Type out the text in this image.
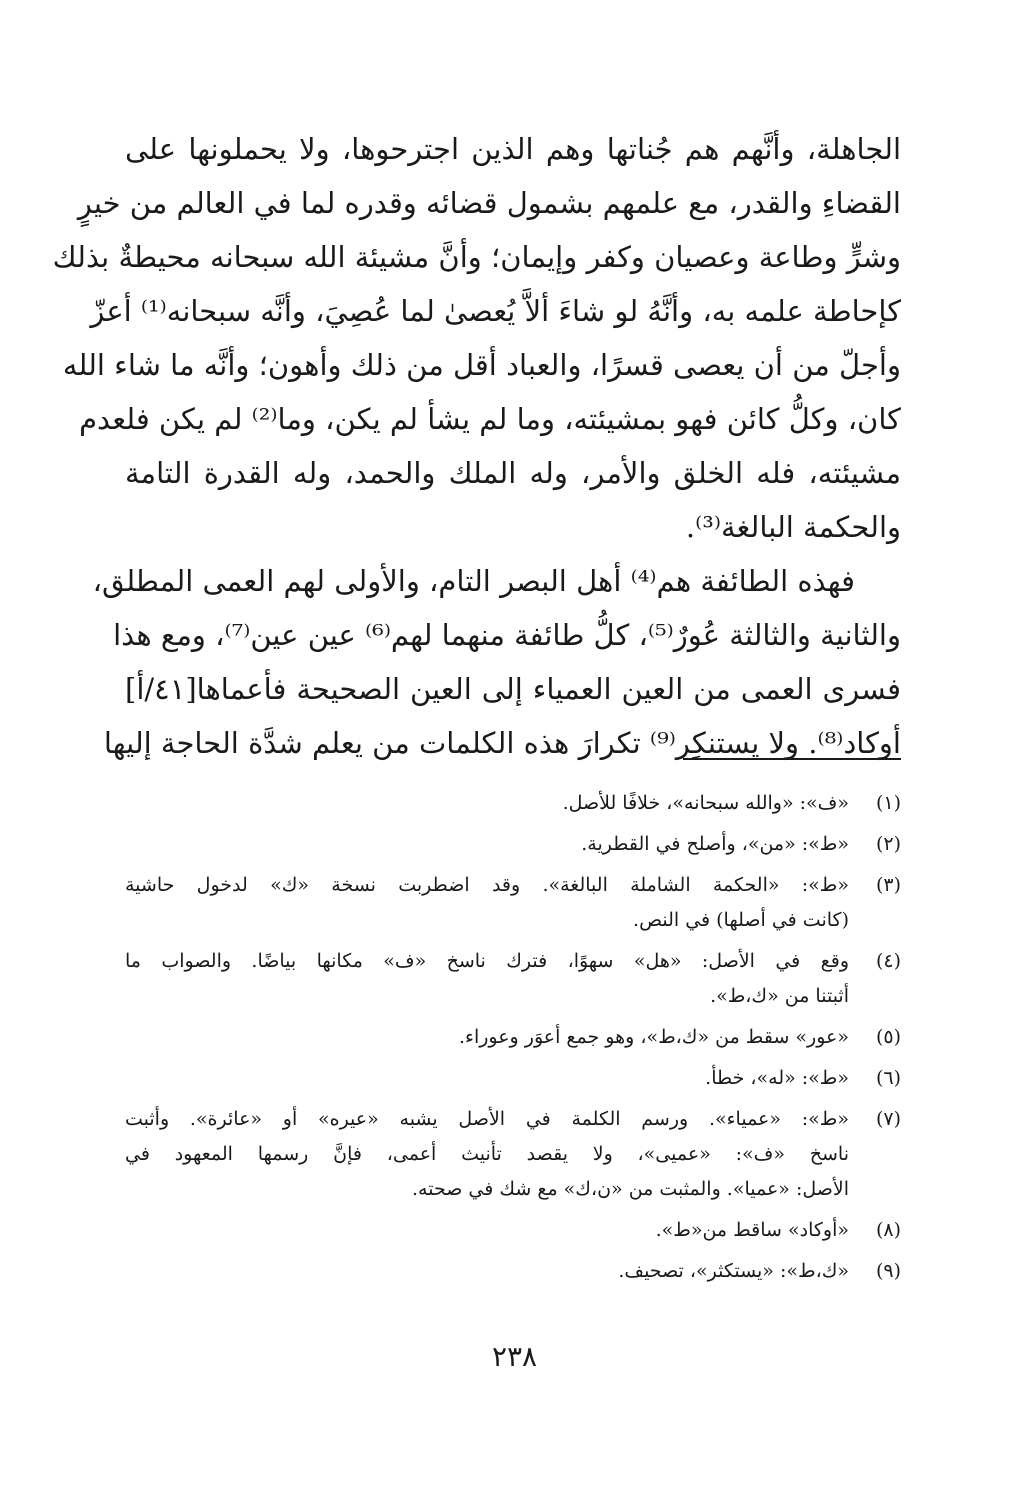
الجاهلة، وأنَّهم هم جُناتها وهم الذين اجترحوها، ولا يحملونها على
القضاءِ والقدر، مع علمهم بشمول قضائه وقدره لما في العالم من خيرٍ
وشرٍّ وطاعة وعصيان وكفر وإيمان؛ وأنَّ مشيئة الله سبحانه محيطةٌ بذلك
كإحاطة علمه به، وأنَّهُ لو شاءَ ألاَّ يُعصىٰ لما عُصِيَ، وأنَّه سبحانه⁽¹⁾ أعزّ
وأجلّ من أن يعصى قسرًا، والعباد أقل من ذلك وأهون؛ وأنَّه ما شاء الله
كان، وكلُّ كائن فهو بمشيئته، وما لم يشأ لم يكن، وما⁽²⁾ لم يكن فلعدم
مشيئته، فله الخلق والأمر، وله الملك والحمد، وله القدرة التامة
والحكمة البالغة⁽³⁾.
فهذه الطائفة هم⁽⁴⁾ أهل البصر التام، والأولى لهم العمى المطلق،
والثانية والثالثة عُورٌ⁽⁵⁾، كلُّ طائفة منهما لهم⁽⁶⁾ عين عين⁽⁷⁾، ومع هذا
فسرى العمى من العين العمياء إلى العين الصحيحة فأعماها[٤١/أ]
أوكاد⁽⁸⁾. ولا يستنكِر⁽⁹⁾ تكرارَ هذه الكلمات من يعلم شدَّة الحاجة إليها
(١)
«ف»: «والله سبحانه»، خلافًا للأصل.
(٢)
«ط»: «من»، وأصلح في القطرية.
(٣)
«ط»: «الحكمة الشاملة البالغة». وقد اضطربت نسخة «ك» لدخول حاشية
(كانت في أصلها) في النص.
(٤)
وقع في الأصل: «هل» سهوًا، فترك ناسخ «ف» مكانها بياضًا. والصواب ما
أثبتنا من «ك،ط».
(٥)
«عور» سقط من «ك،ط»، وهو جمع أعوَر وعوراء.
(٦)
«ط»: «له»، خطأ.
(٧)
«ط»: «عمياء». ورسم الكلمة في الأصل يشبه «عيره» أو «عائرة». وأثبت
ناسخ «ف»: «عميى»، ولا يقصد تأنيث أعمى، فإنَّ رسمها المعهود في
الأصل: «عميا». والمثبت من «ن،ك» مع شك في صحته.
(٨)
«أوكاد» ساقط من«ط».
(٩)
«ك،ط»: «يستكثر»، تصحيف.
٢٣٨
